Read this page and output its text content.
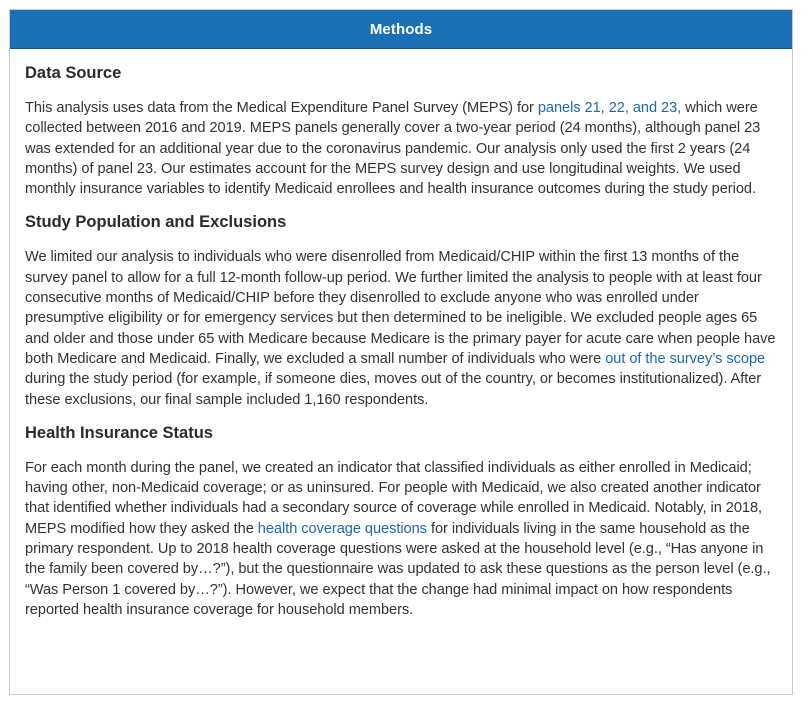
Methods
Data Source

This analysis uses data from the Medical Expenditure Panel Survey (MEPS) for panels 21, 22, and 23, which were collected between 2016 and 2019. MEPS panels generally cover a two-year period (24 months), although panel 23 was extended for an additional year due to the coronavirus pandemic. Our analysis only used the first 2 years (24 months) of panel 23. Our estimates account for the MEPS survey design and use longitudinal weights. We used monthly insurance variables to identify Medicaid enrollees and health insurance outcomes during the study period.

Study Population and Exclusions

We limited our analysis to individuals who were disenrolled from Medicaid/CHIP within the first 13 months of the survey panel to allow for a full 12-month follow-up period. We further limited the analysis to people with at least four consecutive months of Medicaid/CHIP before they disenrolled to exclude anyone who was enrolled under presumptive eligibility or for emergency services but then determined to be ineligible. We excluded people ages 65 and older and those under 65 with Medicare because Medicare is the primary payer for acute care when people have both Medicare and Medicaid. Finally, we excluded a small number of individuals who were out of the survey’s scope during the study period (for example, if someone dies, moves out of the country, or becomes institutionalized). After these exclusions, our final sample included 1,160 respondents.

Health Insurance Status

For each month during the panel, we created an indicator that classified individuals as either enrolled in Medicaid; having other, non-Medicaid coverage; or as uninsured. For people with Medicaid, we also created another indicator that identified whether individuals had a secondary source of coverage while enrolled in Medicaid. Notably, in 2018, MEPS modified how they asked the health coverage questions for individuals living in the same household as the primary respondent. Up to 2018 health coverage questions were asked at the household level (e.g., “Has anyone in the family been covered by…?”), but the questionnaire was updated to ask these questions as the person level (e.g., “Was Person 1 covered by…?”). However, we expect that the change had minimal impact on how respondents reported health insurance coverage for household members.
